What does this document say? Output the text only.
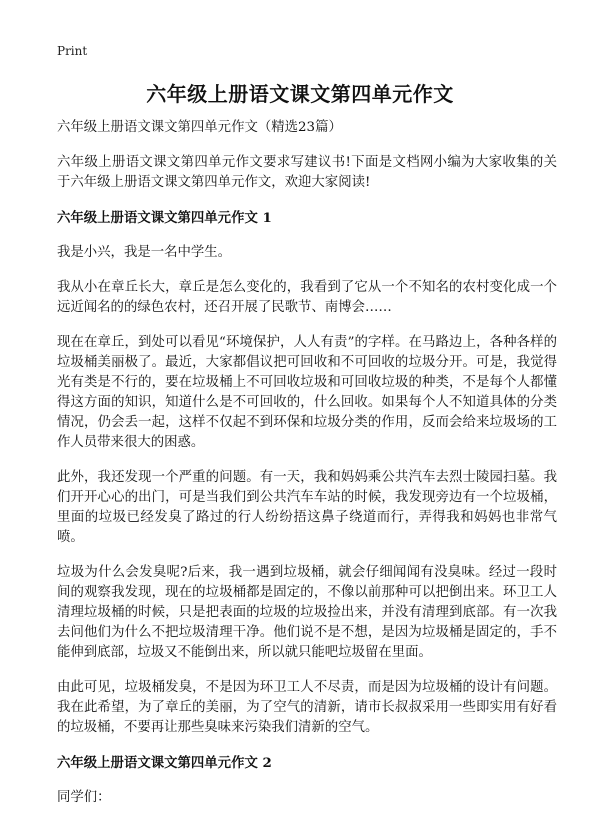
Print
六年级上册语文课文第四单元作文

六年级上册语文课文第四单元作文（精选23篇）

六年级上册语文课文第四单元作文要求写建议书!下面是文档网小编为大家收集的关于六年级上册语文课文第四单元作文，欢迎大家阅读!

六年级上册语文课文第四单元作文 1

我是小兴，我是一名中学生。

我从小在章丘长大，章丘是怎么变化的，我看到了它从一个不知名的农村变化成一个远近闻名的的绿色农村，还召开展了民歌节、南博会……

现在在章丘，到处可以看见“环境保护，人人有责”的字样。在马路边上，各种各样的垃圾桶美丽极了。最近，大家都倡议把可回收和不可回收的垃圾分开。可是，我觉得光有类是不行的，要在垃圾桶上不可回收垃圾和可回收垃圾的种类，不是每个人都懂得这方面的知识，知道什么是不可回收的，什么回收。如果每个人不知道具体的分类情况，仍会丢一起，这样不仅起不到环保和垃圾分类的作用，反而会给来垃圾场的工作人员带来很大的困惑。

此外，我还发现一个严重的问题。有一天，我和妈妈乘公共汽车去烈士陵园扫墓。我们开开心心的出门，可是当我们到公共汽车车站的时候，我发现旁边有一个垃圾桶，里面的垃圾已经发臭了路过的行人纷纷捂这鼻子绕道而行，弄得我和妈妈也非常气喷。

垃圾为什么会发臭呢?后来，我一遇到垃圾桶，就会仔细闻闻有没臭味。经过一段时间的观察我发现，现在的垃圾桶都是固定的，不像以前那种可以把倒出来。环卫工人清理垃圾桶的时候，只是把表面的垃圾的垃圾捡出来，并没有清理到底部。有一次我去问他们为什么不把垃圾清理干净。他们说不是不想，是因为垃圾桶是固定的，手不能伸到底部，垃圾又不能倒出来，所以就只能吧垃圾留在里面。

由此可见，垃圾桶发臭，不是因为环卫工人不尽责，而是因为垃圾桶的设计有问题。我在此希望，为了章丘的美丽，为了空气的清新，请市长叔叔采用一些即实用有好看的垃圾桶，不要再让那些臭味来污染我们清新的空气。

六年级上册语文课文第四单元作文 2

同学们：
